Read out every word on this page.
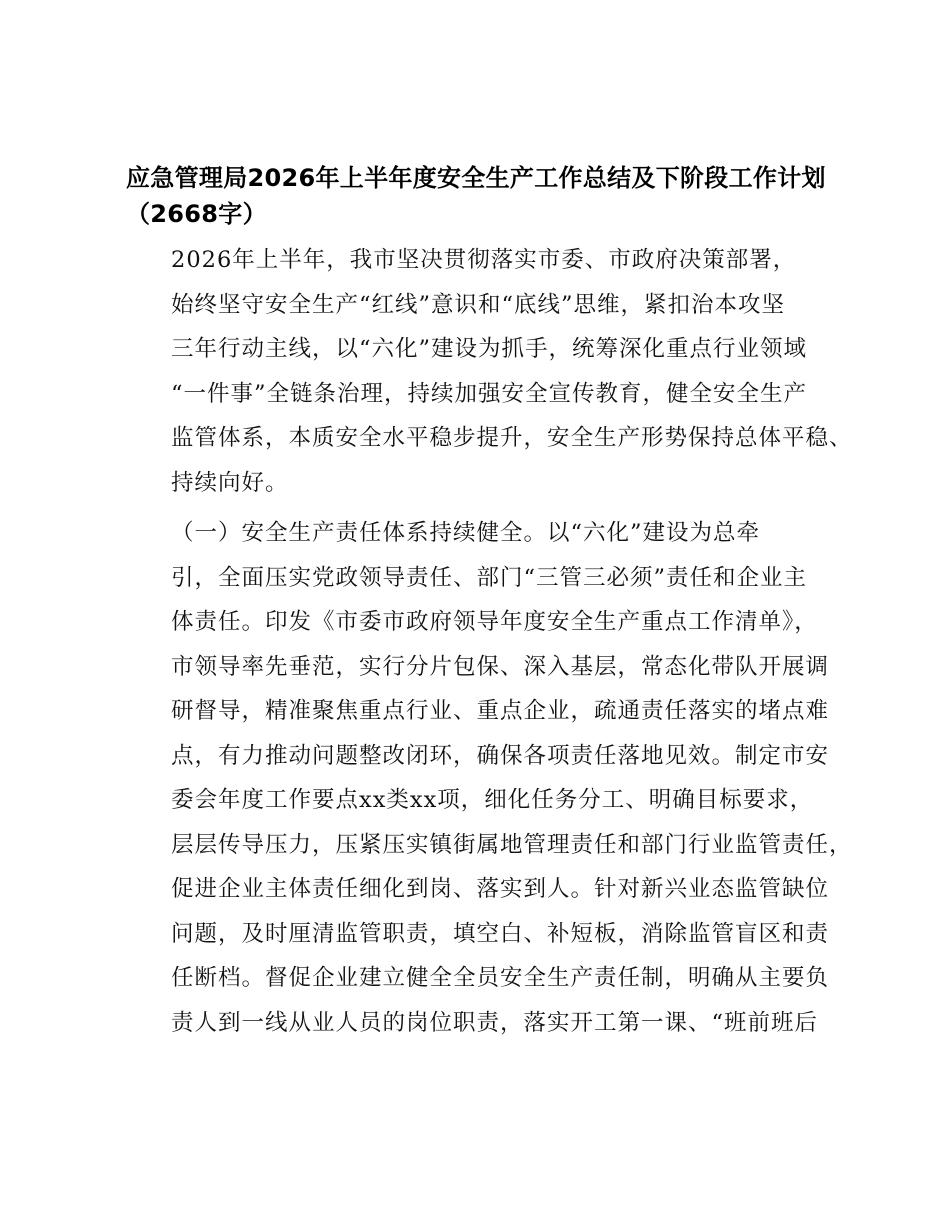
应急管理局2026年上半年度安全生产工作总结及下阶段工作计划
（2668字）

2026年上半年，我市坚决贯彻落实市委、市政府决策部署，
始终坚守安全生产“红线”意识和“底线”思维，紧扣治本攻坚
三年行动主线，以“六化”建设为抓手，统筹深化重点行业领域
“一件事”全链条治理，持续加强安全宣传教育，健全安全生产
监管体系，本质安全水平稳步提升，安全生产形势保持总体平稳、
持续向好。

（一）安全生产责任体系持续健全。以“六化”建设为总牵
引，全面压实党政领导责任、部门“三管三必须”责任和企业主
体责任。印发《市委市政府领导年度安全生产重点工作清单》，
市领导率先垂范，实行分片包保、深入基层，常态化带队开展调
研督导，精准聚焦重点行业、重点企业，疏通责任落实的堵点难
点，有力推动问题整改闭环，确保各项责任落地见效。制定市安
委会年度工作要点xx类xx项，细化任务分工、明确目标要求，
层层传导压力，压紧压实镇街属地管理责任和部门行业监管责任，
促进企业主体责任细化到岗、落实到人。针对新兴业态监管缺位
问题，及时厘清监管职责，填空白、补短板，消除监管盲区和责
任断档。督促企业建立健全全员安全生产责任制，明确从主要负
责人到一线从业人员的岗位职责，落实开工第一课、“班前班后
